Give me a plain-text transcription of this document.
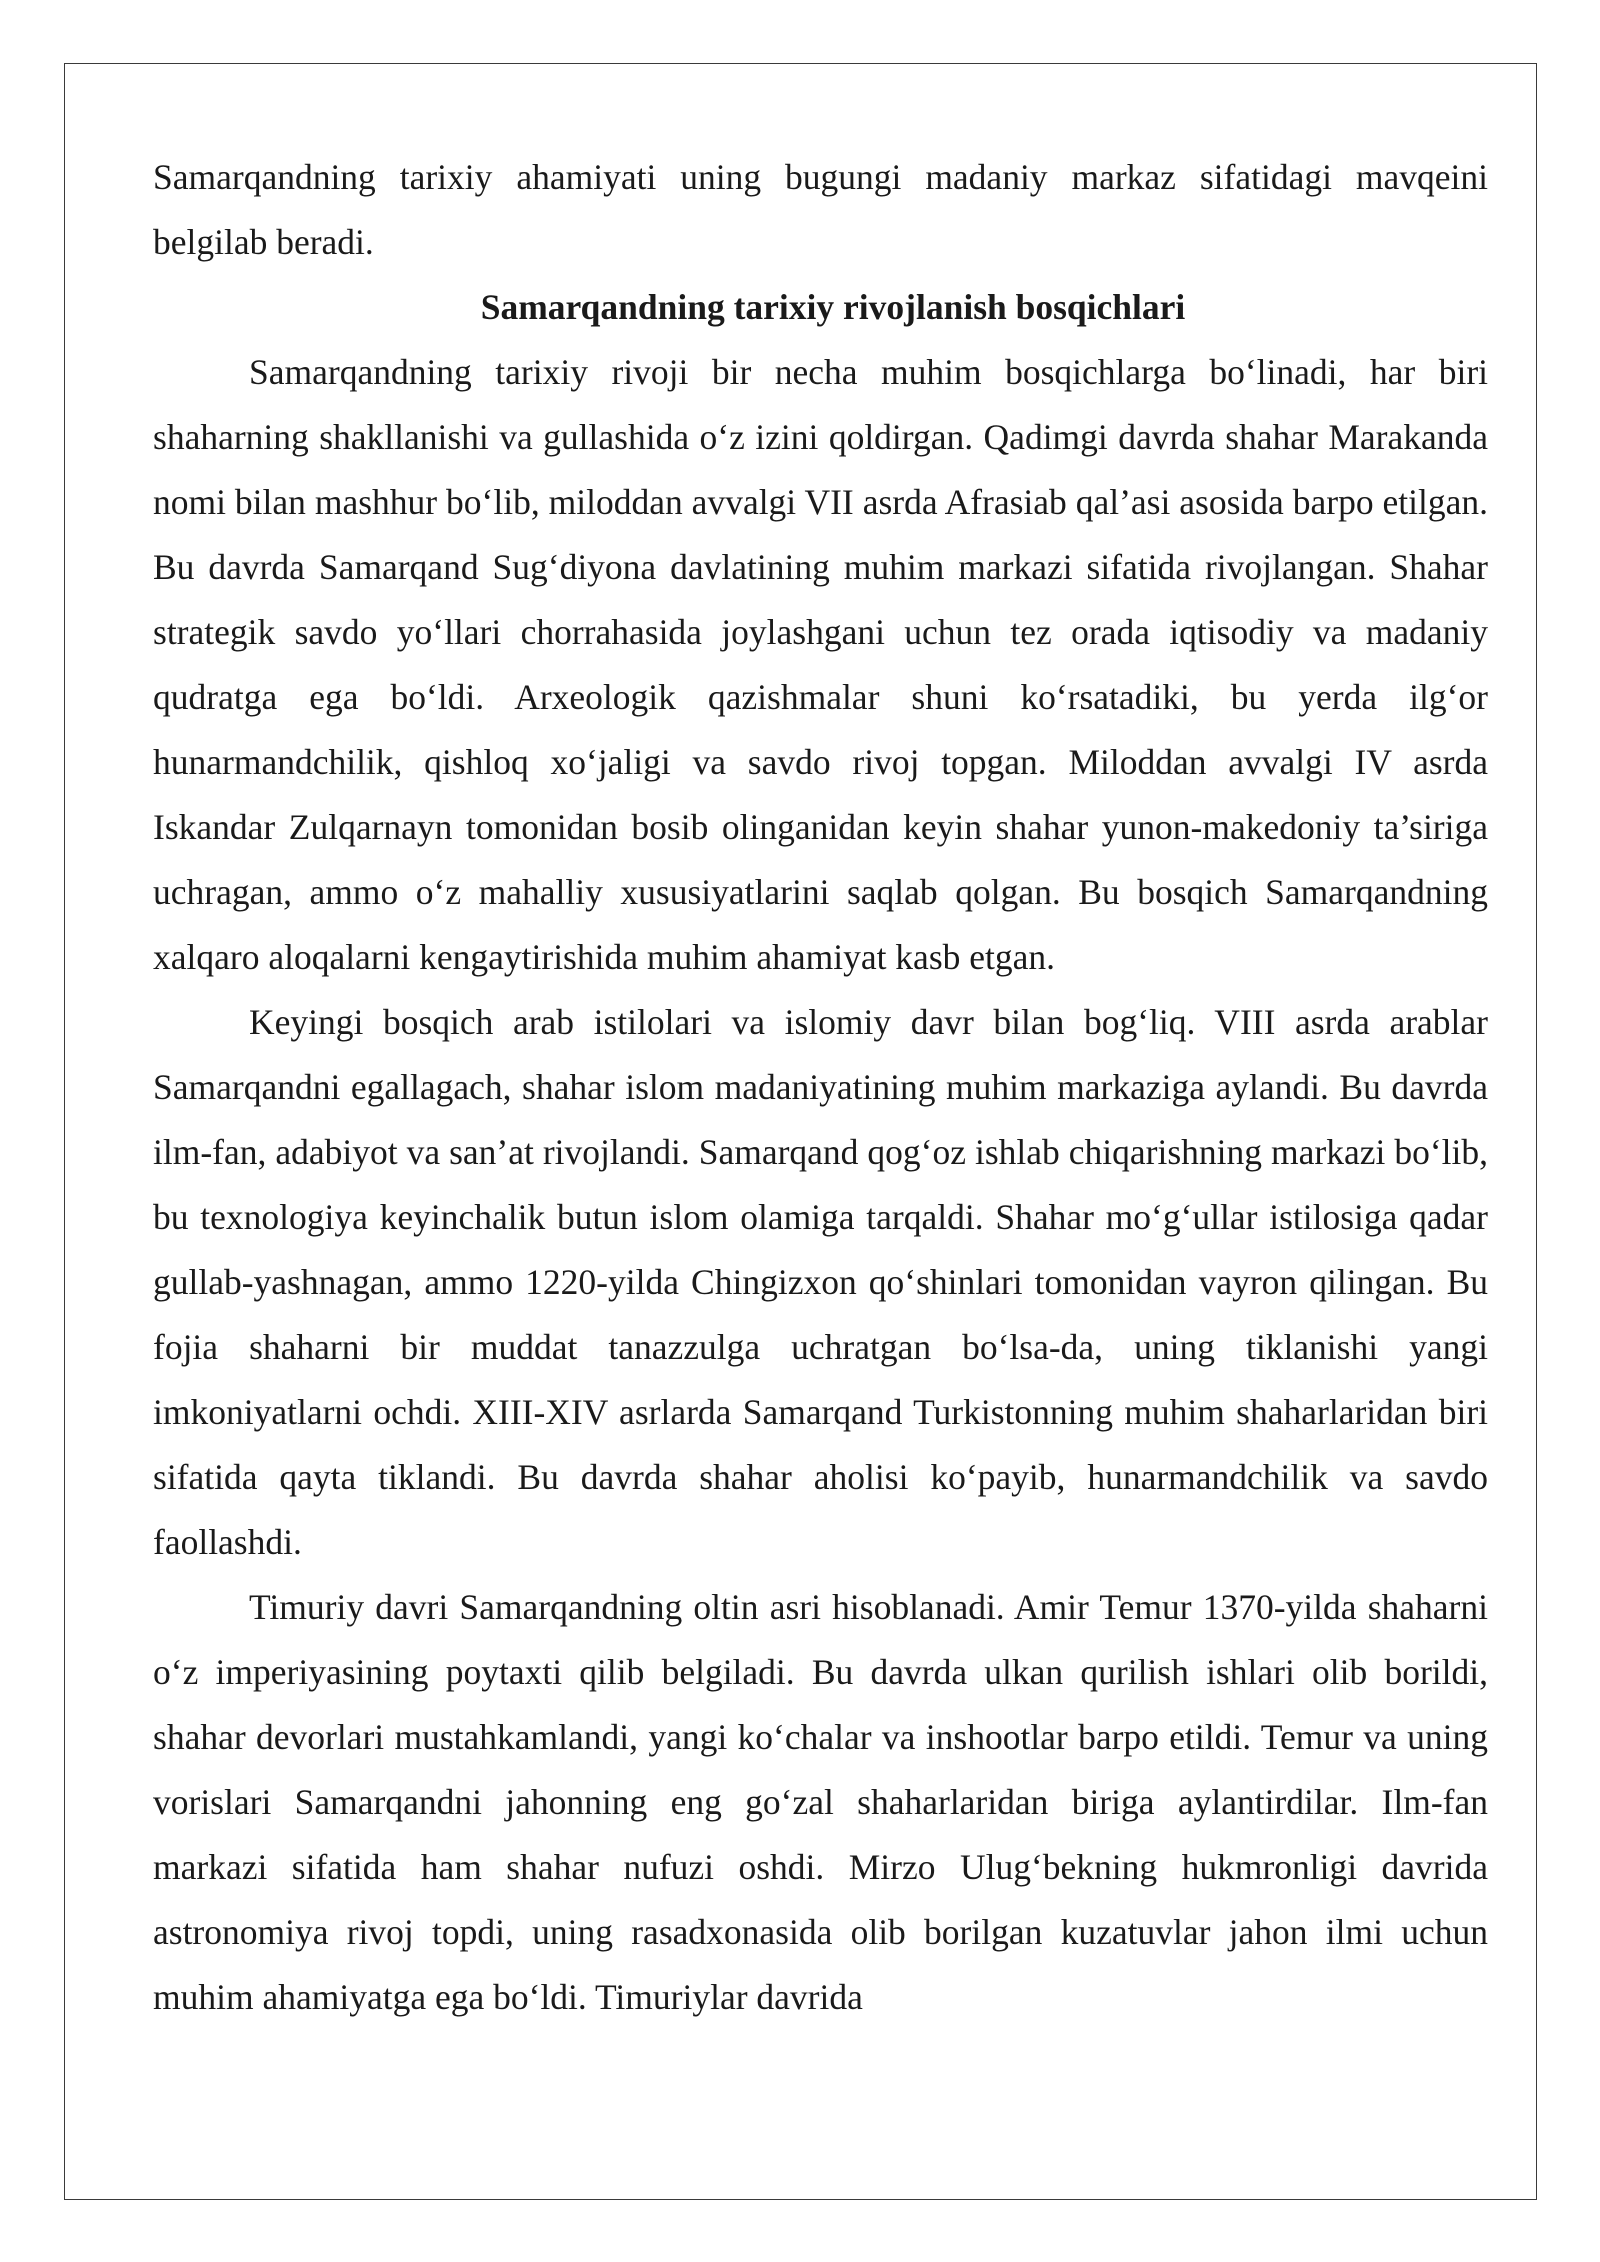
Samarqandning tarixiy ahamiyati uning bugungi madaniy markaz sifatidagi mavqeini belgilab beradi.

Samarqandning tarixiy rivojlanish bosqichlari

Samarqandning tarixiy rivoji bir necha muhim bosqichlarga bo‘linadi, har biri shaharning shakllanishi va gullashida o‘z izini qoldirgan. Qadimgi davrda shahar Marakanda nomi bilan mashhur bo‘lib, miloddan avvalgi VII asrda Afrasiab qal’asi asosida barpo etilgan. Bu davrda Samarqand Sug‘diyona davlatining muhim markazi sifatida rivojlangan. Shahar strategik savdo yo‘llari chorrahasida joylashgani uchun tez orada iqtisodiy va madaniy qudratga ega bo‘ldi. Arxeologik qazishmalar shuni ko‘rsatadiki, bu yerda ilg‘or hunarmandchilik, qishloq xo‘jaligi va savdo rivoj topgan. Miloddan avvalgi IV asrda Iskandar Zulqarnayn tomonidan bosib olinganidan keyin shahar yunon-makedoniy ta’siriga uchragan, ammo o‘z mahalliy xususiyatlarini saqlab qolgan. Bu bosqich Samarqandning xalqaro aloqalarni kengaytirishida muhim ahamiyat kasb etgan.

Keyingi bosqich arab istilolari va islomiy davr bilan bog‘liq. VIII asrda arablar Samarqandni egallagach, shahar islom madaniyatining muhim markaziga aylandi. Bu davrda ilm-fan, adabiyot va san’at rivojlandi. Samarqand qog‘oz ishlab chiqarishning markazi bo‘lib, bu texnologiya keyinchalik butun islom olamiga tarqaldi. Shahar mo‘g‘ullar istilosiga qadar gullab-yashnagan, ammo 1220-yilda Chingizxon qo‘shinlari tomonidan vayron qilingan. Bu fojia shaharni bir muddat tanazzulga uchratgan bo‘lsa-da, uning tiklanishi yangi imkoniyatlarni ochdi. XIII-XIV asrlarda Samarqand Turkistonning muhim shaharlaridan biri sifatida qayta tiklandi. Bu davrda shahar aholisi ko‘payib, hunarmandchilik va savdo faollashdi.

Timuriy davri Samarqandning oltin asri hisoblanadi. Amir Temur 1370-yilda shaharni o‘z imperiyasining poytaxti qilib belgiladi. Bu davrda ulkan qurilish ishlari olib borildi, shahar devorlari mustahkamlandi, yangi ko‘chalar va inshootlar barpo etildi. Temur va uning vorislari Samarqandni jahonning eng go‘zal shaharlaridan biriga aylantirdilar. Ilm-fan markazi sifatida ham shahar nufuzi oshdi. Mirzo Ulug‘bekning hukmronligi davrida astronomiya rivoj topdi, uning rasadxonasida olib borilgan kuzatuvlar jahon ilmi uchun muhim ahamiyatga ega bo‘ldi. Timuriylar davrida
